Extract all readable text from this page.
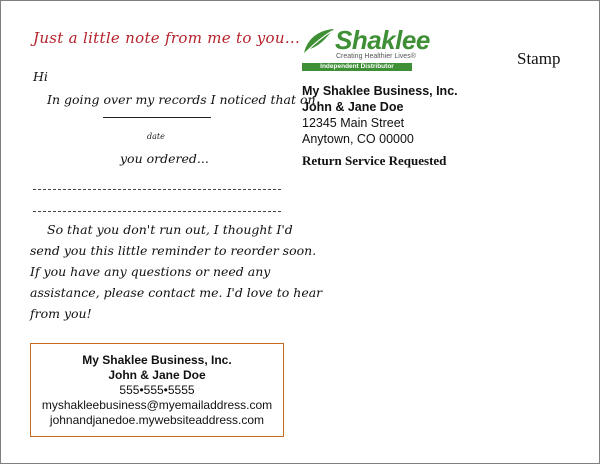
Just a little note from me to you...
Hi
In going over my records I noticed that on
date
you ordered...
So that you don't run out, I thought I'd
send you this little reminder to reorder soon.
If you have any questions or need any
assistance, please contact me. I'd love to hear
from you!
My Shaklee Business, Inc.
John & Jane Doe
555•555•5555
myshakleebusiness@myemailaddress.com
johnandjanedoe.mywebsiteaddress.com
Shaklee
Creating Healthier Lives®
Independent Distributor	Stamp
My Shaklee Business, Inc.
John & Jane Doe
12345 Main Street
Anytown, CO 00000
Return Service Requested
